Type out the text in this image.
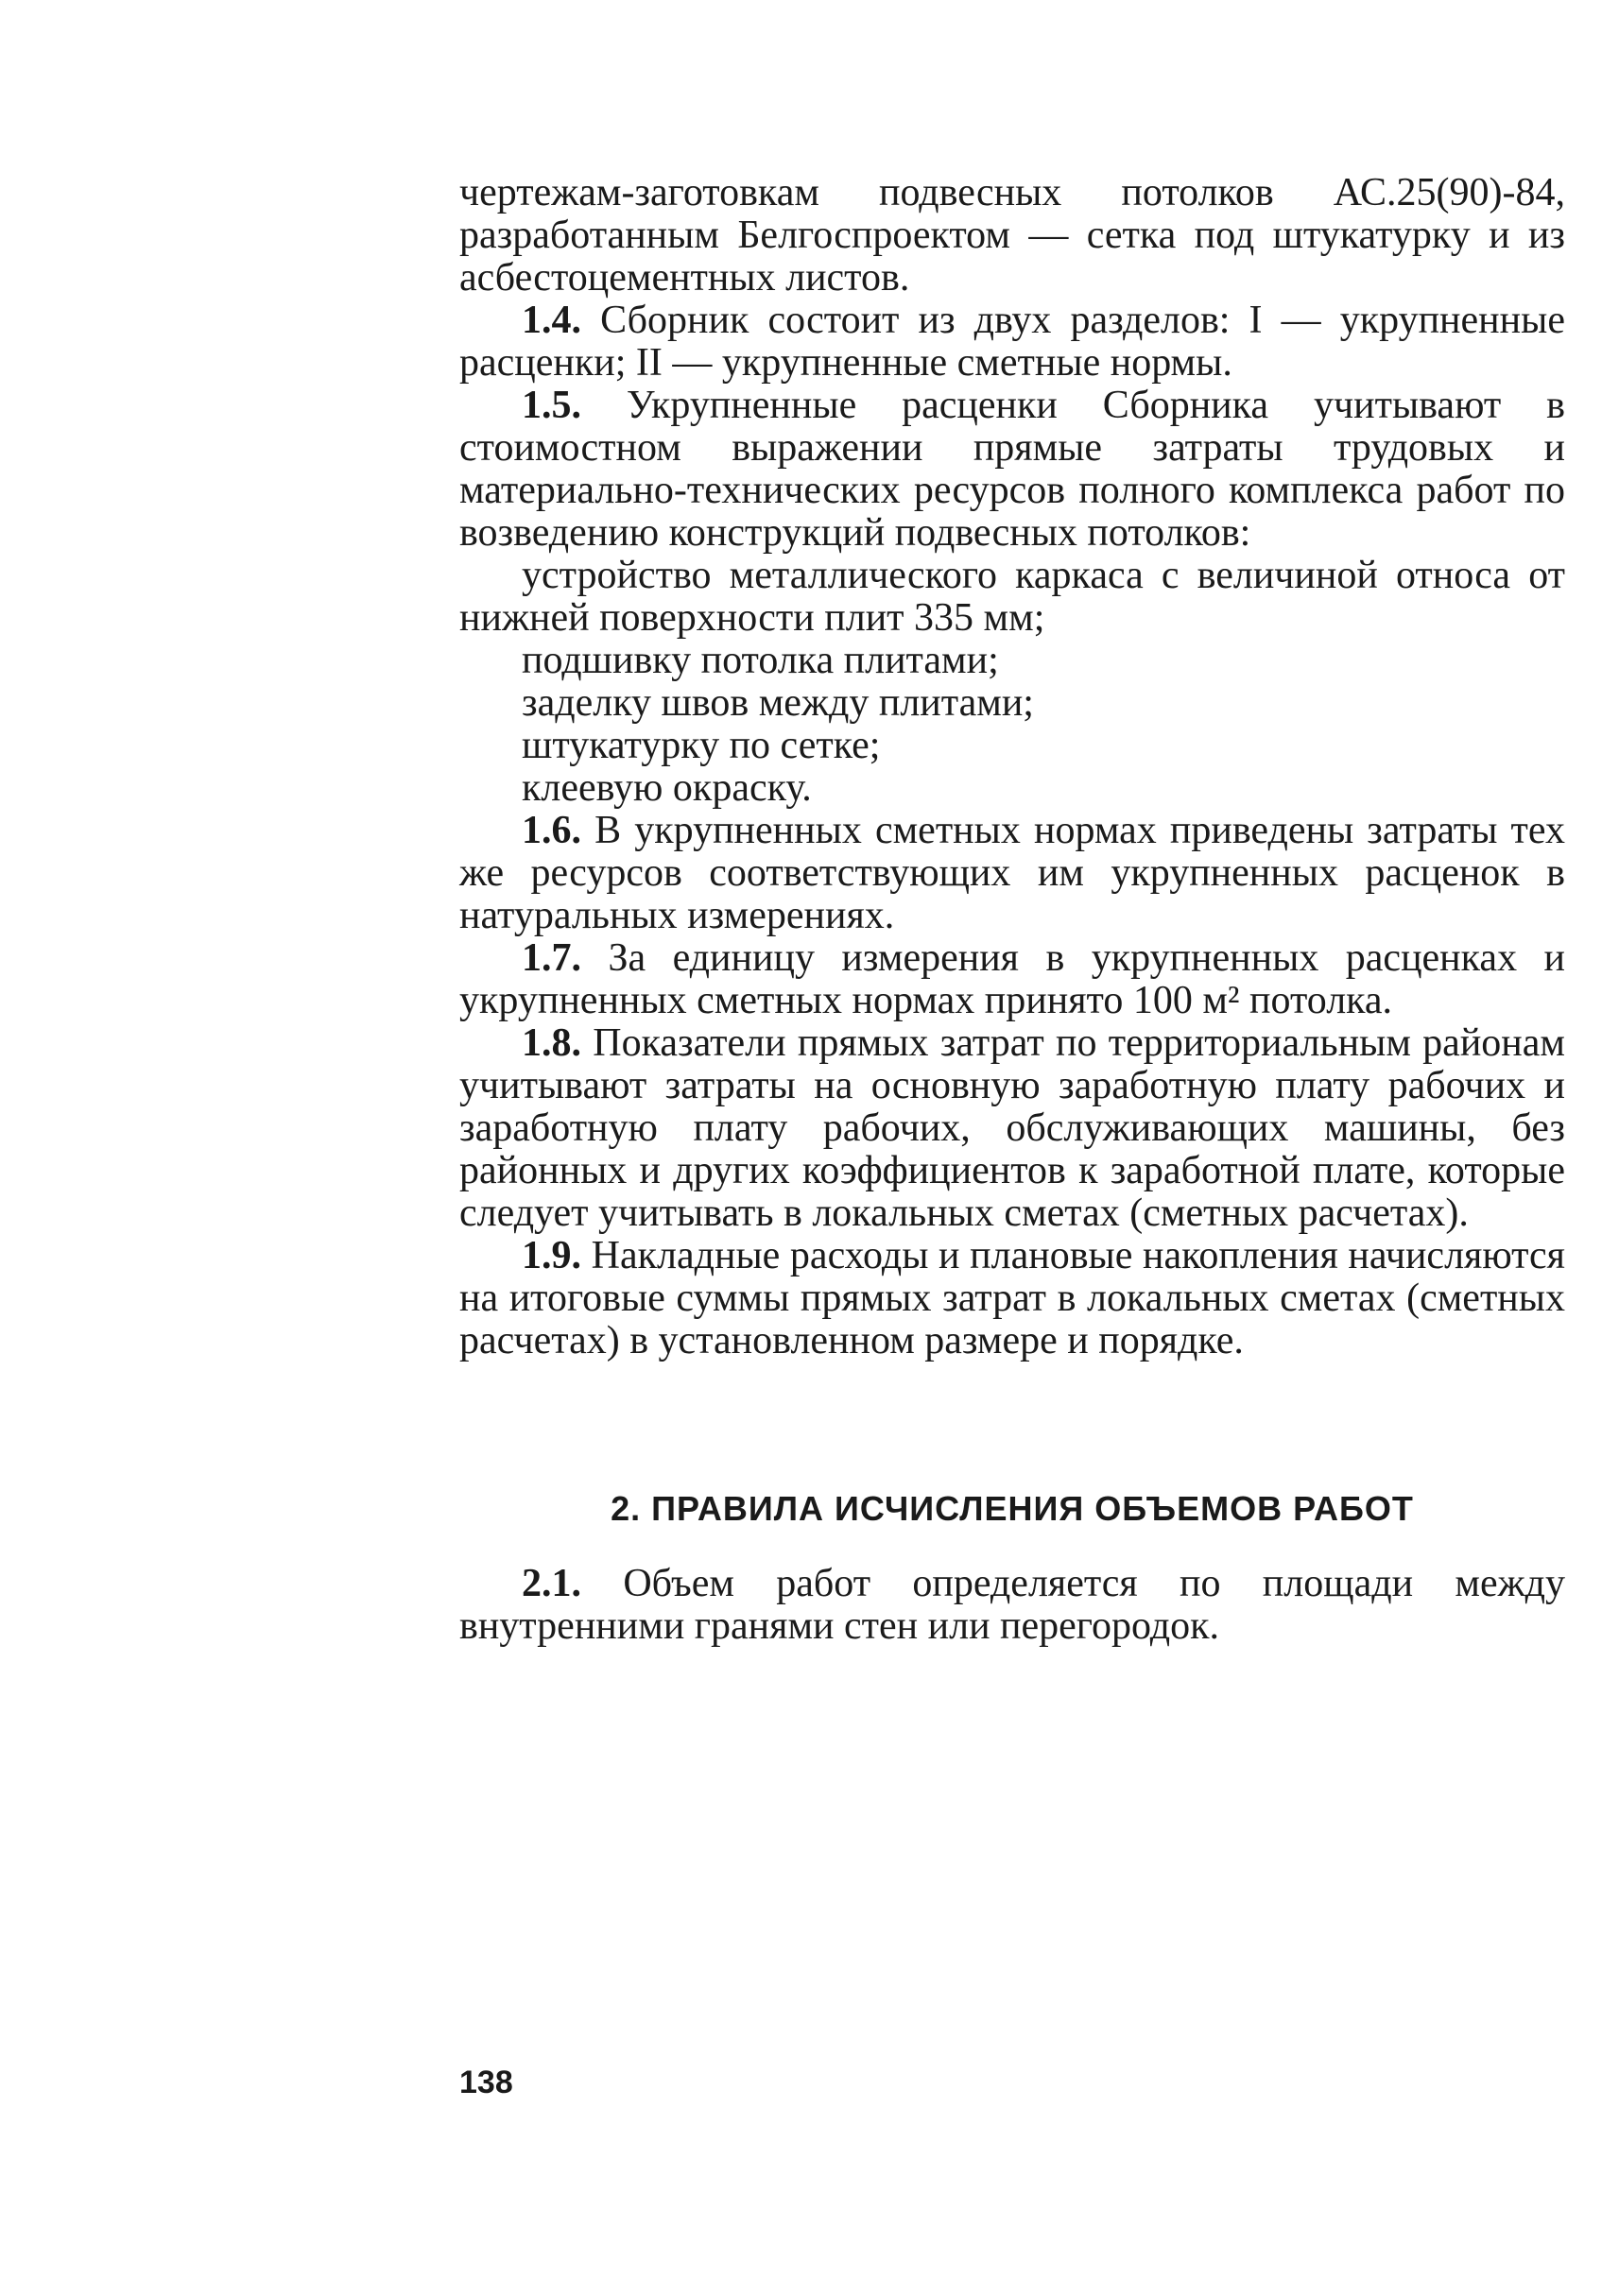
чертежам-заготовкам подвесных потолков АС.25(90)-84, разработанным Белгоспроектом — сетка под штукатурку и из асбестоцементных листов.

1.4. Сборник состоит из двух разделов: I — укрупненные расценки; II — укрупненные сметные нормы.

1.5. Укрупненные расценки Сборника учитывают в стоимостном выражении прямые затраты трудовых и материально-технических ресурсов полного комплекса работ по возведению конструкций подвесных потолков:

устройство металлического каркаса с величиной относа от нижней поверхности плит 335 мм;

подшивку потолка плитами;

заделку швов между плитами;

штукатурку по сетке;

клеевую окраску.

1.6. В укрупненных сметных нормах приведены затраты тех же ресурсов соответствующих им укрупненных расценок в натуральных измерениях.

1.7. За единицу измерения в укрупненных расценках и укрупненных сметных нормах принято 100 м² потолка.

1.8. Показатели прямых затрат по территориальным районам учитывают затраты на основную заработную плату рабочих и заработную плату рабочих, обслуживающих машины, без районных и других коэффициентов к заработной плате, которые следует учитывать в локальных сметах (сметных расчетах).

1.9. Накладные расходы и плановые накопления начисляются на итоговые суммы прямых затрат в локальных сметах (сметных расчетах) в установленном размере и порядке.

2. ПРАВИЛА ИСЧИСЛЕНИЯ ОБЪЕМОВ РАБОТ

2.1. Объем работ определяется по площади между внутренними гранями стен или перегородок.

138
